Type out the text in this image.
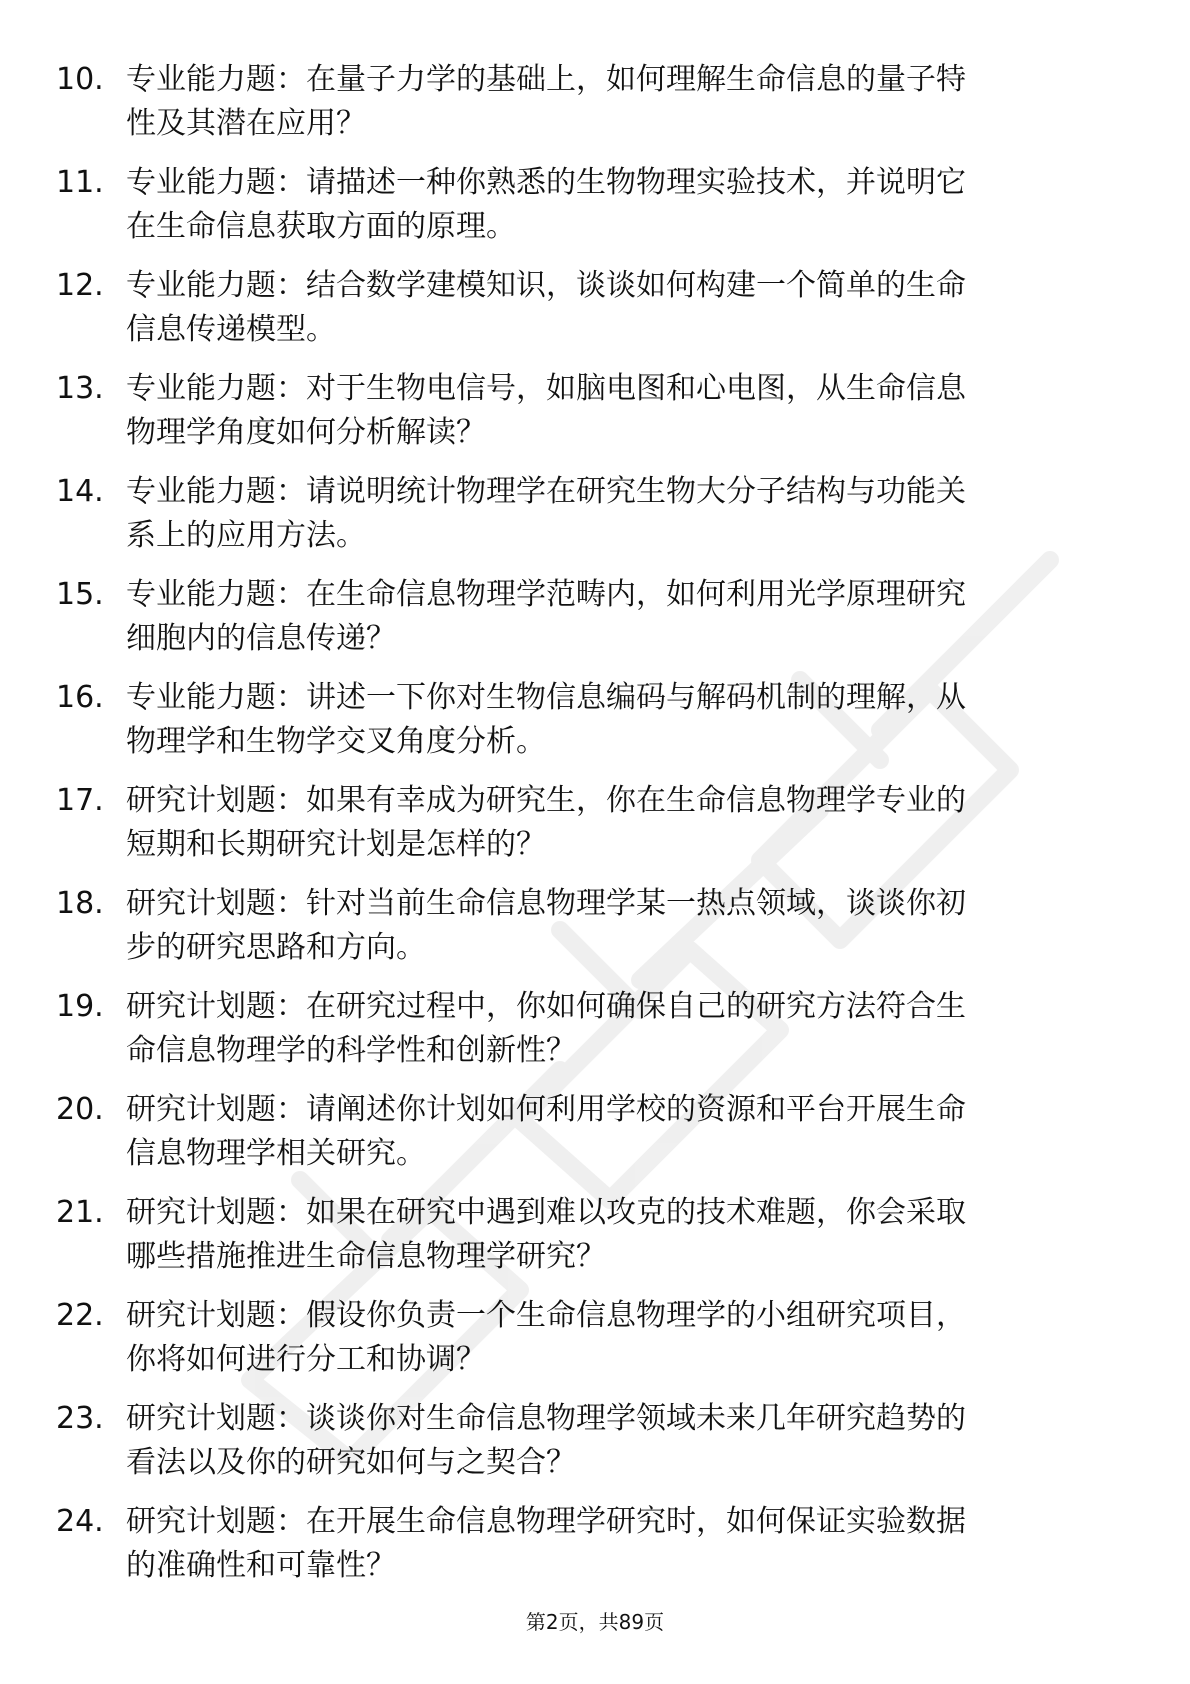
10. 专业能力题：在量子力学的基础上，如何理解生命信息的量子特
性及其潜在应用？
11. 专业能力题：请描述一种你熟悉的生物物理实验技术，并说明它
在生命信息获取方面的原理。
12. 专业能力题：结合数学建模知识，谈谈如何构建一个简单的生命
信息传递模型。
13. 专业能力题：对于生物电信号，如脑电图和心电图，从生命信息
物理学角度如何分析解读？
14. 专业能力题：请说明统计物理学在研究生物大分子结构与功能关
系上的应用方法。
15. 专业能力题：在生命信息物理学范畴内，如何利用光学原理研究
细胞内的信息传递？
16. 专业能力题：讲述一下你对生物信息编码与解码机制的理解，从
物理学和生物学交叉角度分析。
17. 研究计划题：如果有幸成为研究生，你在生命信息物理学专业的
短期和长期研究计划是怎样的？
18. 研究计划题：针对当前生命信息物理学某一热点领域，谈谈你初
步的研究思路和方向。
19. 研究计划题：在研究过程中，你如何确保自己的研究方法符合生
命信息物理学的科学性和创新性？
20. 研究计划题：请阐述你计划如何利用学校的资源和平台开展生命
信息物理学相关研究。
21. 研究计划题：如果在研究中遇到难以攻克的技术难题，你会采取
哪些措施推进生命信息物理学研究？
22. 研究计划题：假设你负责一个生命信息物理学的小组研究项目，
你将如何进行分工和协调？
23. 研究计划题：谈谈你对生命信息物理学领域未来几年研究趋势的
看法以及你的研究如何与之契合？
24. 研究计划题：在开展生命信息物理学研究时，如何保证实验数据
的准确性和可靠性？
第2页，共89页
